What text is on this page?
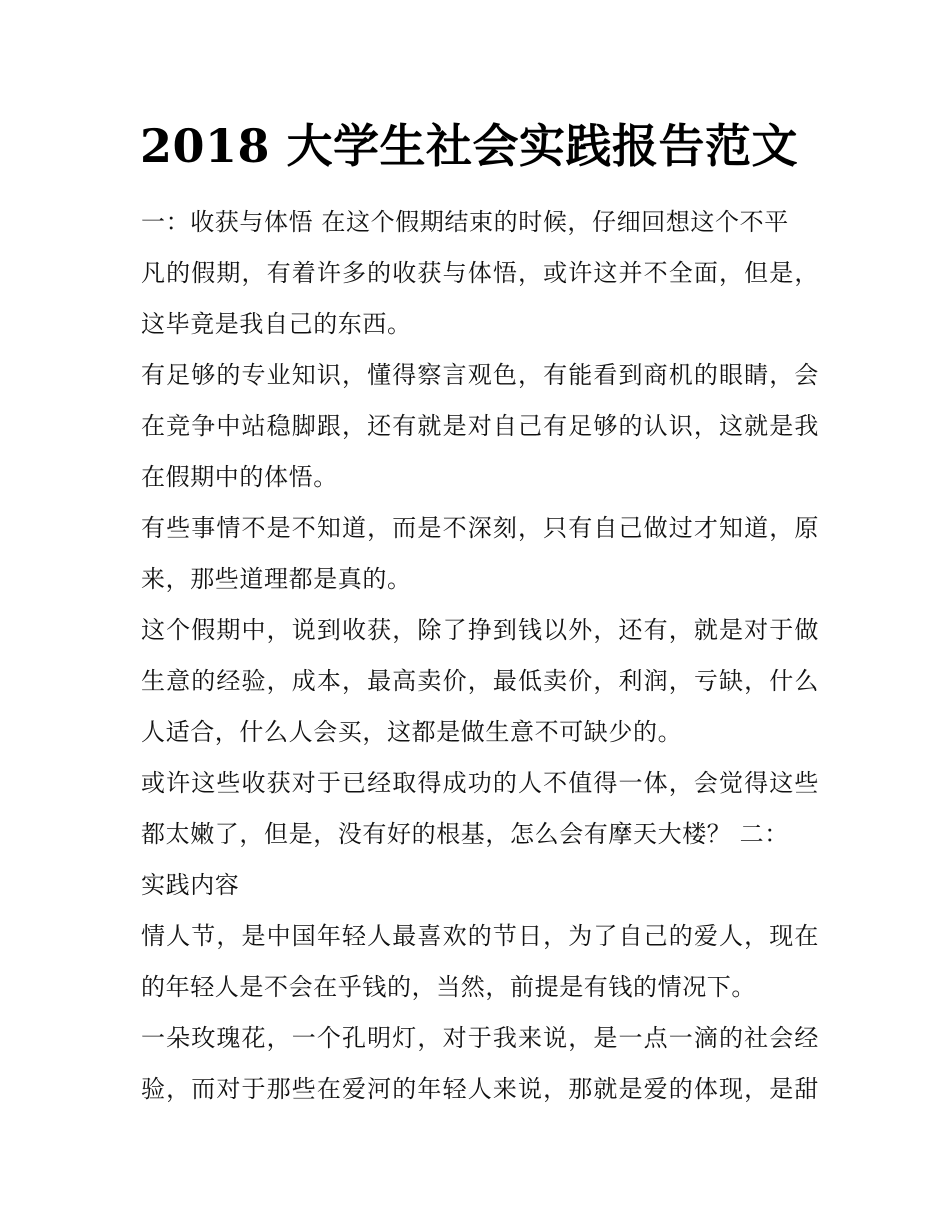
2018 大学生社会实践报告范文
一：收获与体悟 在这个假期结束的时候，仔细回想这个不平
凡的假期，有着许多的收获与体悟，或许这并不全面，但是，
这毕竟是我自己的东西。
有足够的专业知识，懂得察言观色，有能看到商机的眼睛，会
在竞争中站稳脚跟，还有就是对自己有足够的认识，这就是我
在假期中的体悟。
有些事情不是不知道，而是不深刻，只有自己做过才知道，原
来，那些道理都是真的。
这个假期中，说到收获，除了挣到钱以外，还有，就是对于做
生意的经验，成本，最高卖价，最低卖价，利润，亏缺，什么
人适合，什么人会买，这都是做生意不可缺少的。
或许这些收获对于已经取得成功的人不值得一体，会觉得这些
都太嫩了，但是，没有好的根基，怎么会有摩天大楼？ 二：
实践内容
情人节，是中国年轻人最喜欢的节日，为了自己的爱人，现在
的年轻人是不会在乎钱的，当然，前提是有钱的情况下。
一朵玫瑰花，一个孔明灯，对于我来说，是一点一滴的社会经
验，而对于那些在爱河的年轻人来说，那就是爱的体现，是甜
